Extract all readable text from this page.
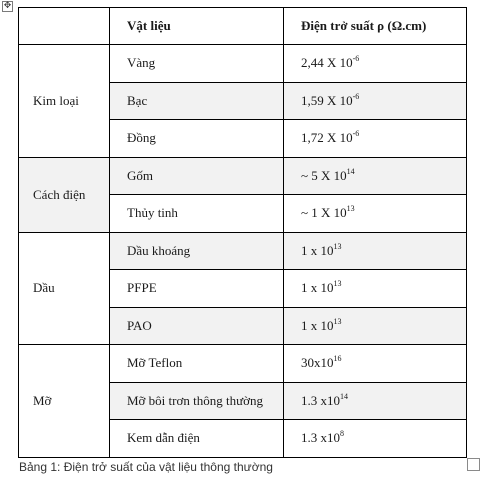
✥
	Vật liệu	Điện trở suất ρ (Ω.cm)
Kim loại	Vàng	2,44 X $10^{-6}$
	Bạc	1,59 X $10^{-6}$
	Đồng	1,72 X $10^{-6}$
Cách điện	Gốm	~ 5 X $10^{14}$
	Thủy tinh	~ 1 X $10^{13}$
Dầu	Dầu khoáng	1 x $10^{13}$
	PFPE	1 x $10^{13}$
	PAO	1 x $10^{13}$
Mỡ	Mỡ Teflon	$30x10^{16}$
	Mỡ bôi trơn thông thường	1.3 $x10^{14}$
	Kem dẫn điện	1.3 $x10^8$
Bảng 1: Điện trở suất của vật liệu thông thường
